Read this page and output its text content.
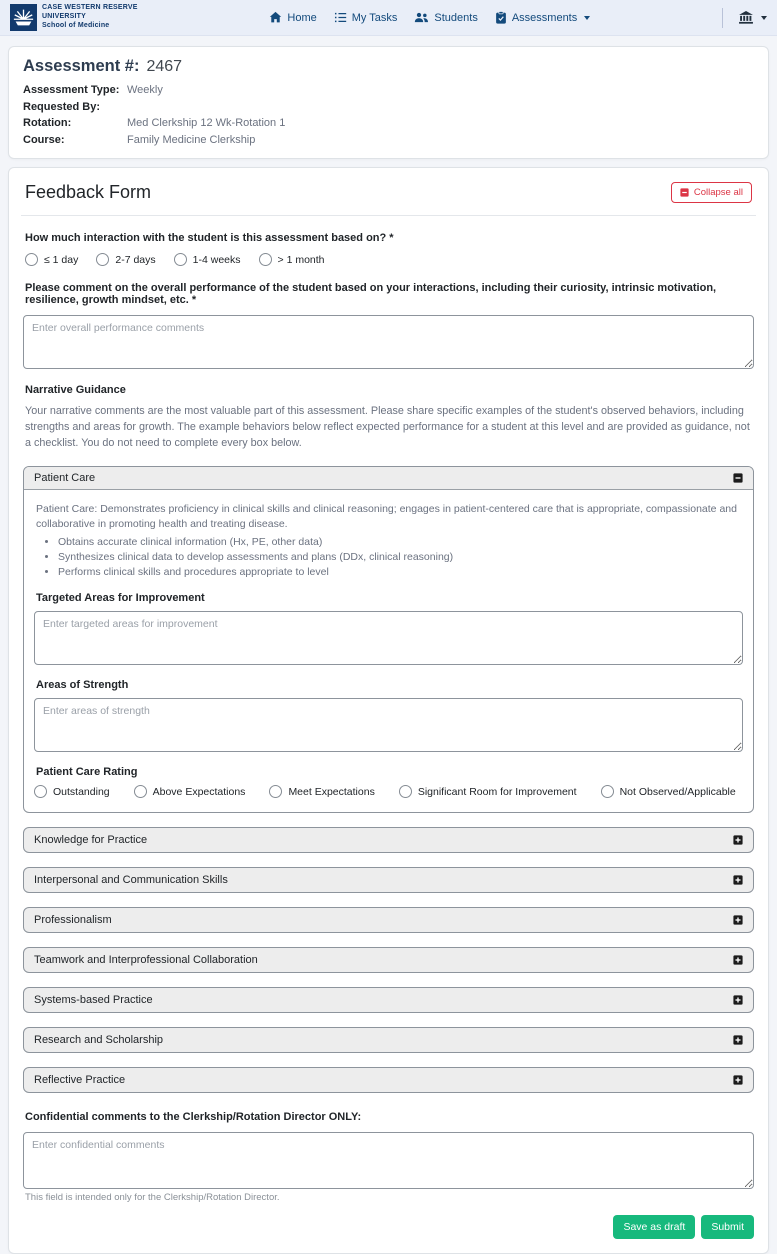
CASE WESTERN RESERVE
UNIVERSITY
School of Medicine
Home	My Tasks	Students	Assessments
Assessment #: 2467
Assessment Type: Weekly
Requested By:
Rotation:	Med Clerkship 12 Wk-Rotation 1
Course:	Family Medicine Clerkship
Feedback Form	Collapse all
How much interaction with the student is this assessment based on? *
≤ 1 day	2-7 days	1-4 weeks	> 1 month
Please comment on the overall performance of the student based on your interactions, including their curiosity, intrinsic motivation, resilience, growth mindset, etc. *
Enter overall performance comments
Narrative Guidance
Your narrative comments are the most valuable part of this assessment. Please share specific examples of the student's observed behaviors, including strengths and areas for growth. The example behaviors below reflect expected performance for a student at this level and are provided as guidance, not a checklist. You do not need to complete every box below.
Patient Care
Patient Care: Demonstrates proficiency in clinical skills and clinical reasoning; engages in patient-centered care that is appropriate, compassionate and collaborative in promoting health and treating disease.
• Obtains accurate clinical information (Hx, PE, other data)
• Synthesizes clinical data to develop assessments and plans (DDx, clinical reasoning)
• Performs clinical skills and procedures appropriate to level
Targeted Areas for Improvement
Enter targeted areas for improvement
Areas of Strength
Enter areas of strength
Patient Care Rating
Outstanding	Above Expectations	Meet Expectations	Significant Room for Improvement	Not Observed/Applicable
Knowledge for Practice
Interpersonal and Communication Skills
Professionalism
Teamwork and Interprofessional Collaboration
Systems-based Practice
Research and Scholarship
Reflective Practice
Confidential comments to the Clerkship/Rotation Director ONLY:
Enter confidential comments
This field is intended only for the Clerkship/Rotation Director.
Save as draft	Submit
